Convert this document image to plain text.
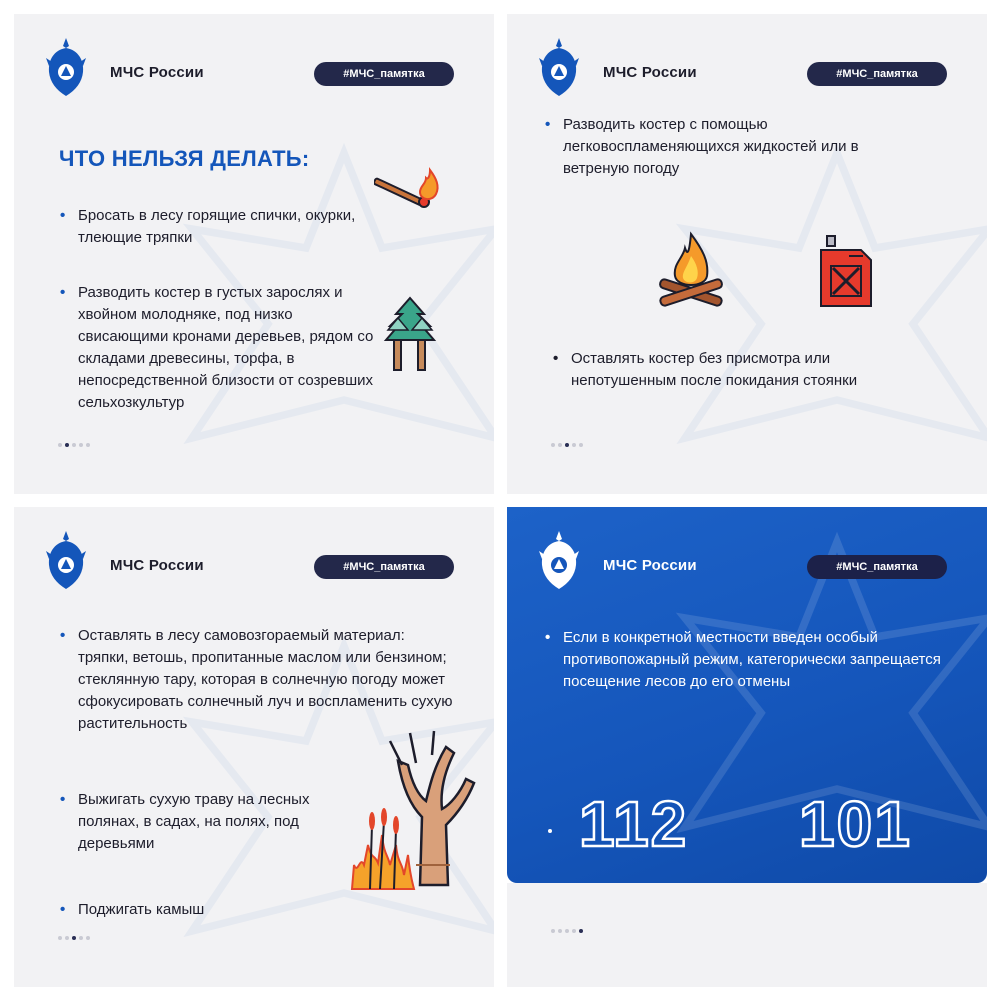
МЧС России	#МЧС_памятка
ЧТО НЕЛЬЗЯ ДЕЛАТЬ:
• Бросать в лесу горящие спички, окурки, тлеющие тряпки
• Разводить костер в густых зарослях и хвойном молодняке, под низко свисающими кронами деревьев, рядом со складами древесины, торфа, в непосредственной близости от созревших сельхозкультур
МЧС России	#МЧС_памятка
• Разводить костер с помощью легковоспламеняющихся жидкостей или в ветреную погоду
• Оставлять костер без присмотра или непотушенным после покидания стоянки
МЧС России	#МЧС_памятка
• Оставлять в лесу самовозгораемый материал: тряпки, ветошь, пропитанные маслом или бензином; стеклянную тару, которая в солнечную погоду может сфокусировать солнечный луч и воспламенить сухую растительность
• Выжигать сухую траву на лесных полянах, в садах, на полях, под деревьями
• Поджигать камыш
МЧС России	#МЧС_памятка
• Если в конкретной местности введен особый противопожарный режим, категорически запрещается посещение лесов до его отмены
112 101
